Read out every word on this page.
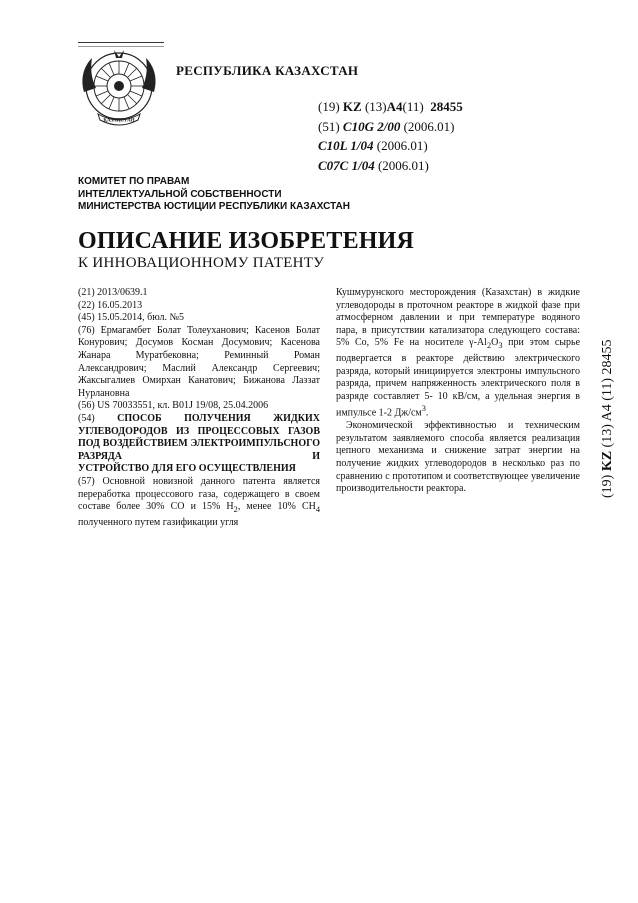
ҚАЗАҚСТАН
РЕСПУБЛИКА КАЗАХСТАН
(19) KZ (13)A4(11) 28455
(51) C10G 2/00 (2006.01)
C10L 1/04 (2006.01)
C07C 1/04 (2006.01)
КОМИТЕТ ПО ПРАВАМ
ИНТЕЛЛЕКТУАЛЬНОЙ СОБСТВЕННОСТИ
МИНИСТЕРСТВА ЮСТИЦИИ РЕСПУБЛИКИ КАЗАХСТАН
ОПИСАНИЕ ИЗОБРЕТЕНИЯ
К ИННОВАЦИОННОМУ ПАТЕНТУ

(21) 2013/0639.1

(22) 16.05.2013

(45) 15.05.2014, бюл. №5

(76) Ермагамбет Болат Толеуханович; Касенов Болат Конурович; Досумов Косман Досумович; Касенова Жанара Муратбековна; Реминный Роман Александрович; Маслий Александр Сергеевич; Жаксыгалиев Омирхан Канатович; Бижанова Лаззат Нурлановна

(56) US 70033551, кл. B01J 19/08, 25.04.2006

(54) СПОСОБ ПОЛУЧЕНИЯ ЖИДКИХ УГЛЕВОДОРОДОВ ИЗ ПРОЦЕССОВЫХ ГАЗОВ ПОД ВОЗДЕЙСТВИЕМ ЭЛЕКТРОИМПУЛЬСНОГО РАЗРЯДА И
УСТРОЙСТВО ДЛЯ ЕГО ОСУЩЕСТВЛЕНИЯ

(57) Основной новизной данного патента является переработка процессового газа, содержащего в своем составе более 30% CO и 15% $H_2$, менее 10% $CH_4$ полученного путем газификации угля

Кушмурунского месторождения (Казахстан) в жидкие углеводороды в проточном реакторе в жидкой фазе при атмосферном давлении и при температуре водяного пара, в присутствии катализатора следующего состава: 5% Co, 5% Fe на носителе $\gamma-Al_2O_3$ при этом сырье подвергается в реакторе действию электрического разряда, который инициируется электроны импульсного разряда, причем напряженность электрического поля в разряде составляет 5- 10 кВ/см, а удельная энергия в импульсе 1-2 $Дж/см^3$.

Экономической эффективностью и техническим результатом заявляемого способа является реализация цепного механизма и снижение затрат энергии на получение жидких углеводородов в несколько раз по сравнению с прототипом и соответствующее увеличение производительности реактора.	(19) KZ (13) A4 (11) 28455
